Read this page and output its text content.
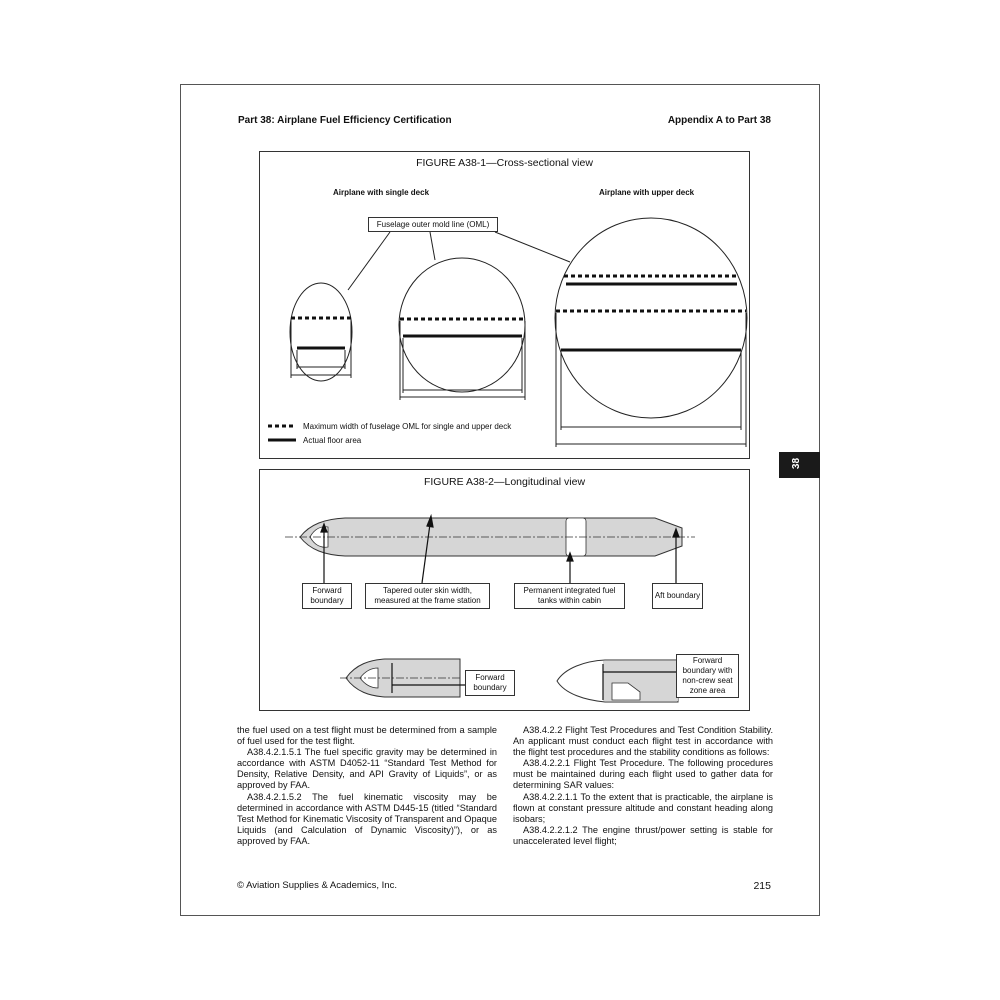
Part 38: Airplane Fuel Efficiency Certification	Appendix A to Part 38
38
FIGURE A38-1—Cross-sectional view
Airplane with single deck	Airplane with upper deck
Fuselage outer mold line (OML)
Maximum width of fuselage OML for single and upper deck
Actual floor area
FIGURE A38-2—Longitudinal view
Forward boundary
Tapered outer skin width, measured at the frame station
Permanent integrated fuel tanks within cabin
Aft boundary
Forward boundary
Forward boundary with non-crew seat zone area

the fuel used on a test flight must be determined from a sample of fuel used for the test flight.

A38.4.2.1.5.1 The fuel specific gravity may be determined in accordance with ASTM D4052-11 “Standard Test Method for Density, Relative Density, and API Gravity of Liquids”, or as approved by FAA.

A38.4.2.1.5.2 The fuel kinematic viscosity may be determined in accordance with ASTM D445-15 (titled “Standard Test Method for Kinematic Viscosity of Transparent and Opaque Liquids (and Calculation of Dynamic Viscosity)”), or as approved by FAA.

A38.4.2.2 Flight Test Procedures and Test Condition Stability. An applicant must conduct each flight test in accordance with the flight test procedures and the stability conditions as follows:

A38.4.2.2.1 Flight Test Procedure. The following procedures must be maintained during each flight used to gather data for determining SAR values:

A38.4.2.2.1.1 To the extent that is practicable, the airplane is flown at constant pressure altitude and constant heading along isobars;

A38.4.2.2.1.2 The engine thrust/power setting is stable for unaccelerated level flight;

© Aviation Supplies & Academics, Inc.	215
